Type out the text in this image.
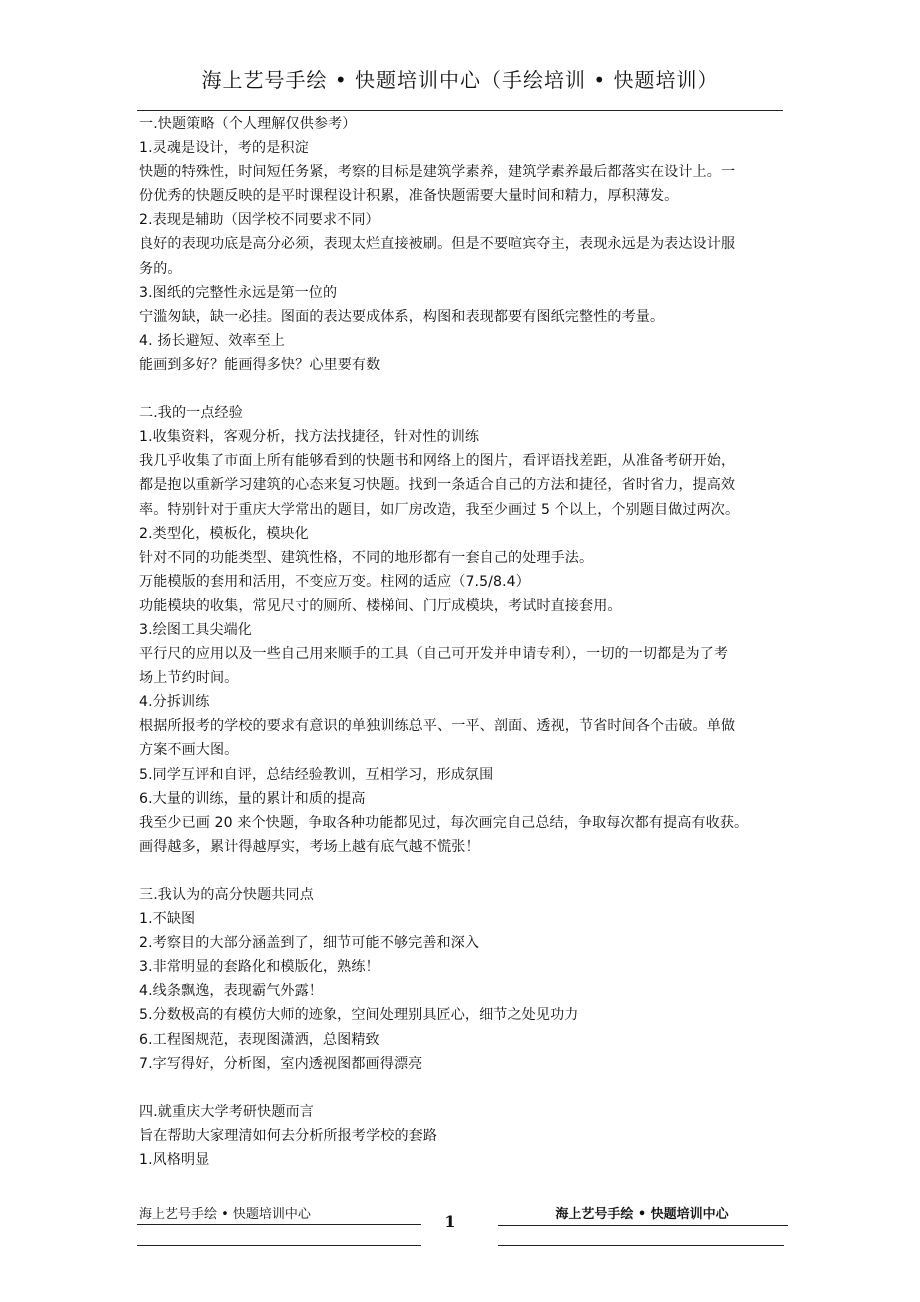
海上艺号手绘 • 快题培训中心（手绘培训 • 快题培训）
一.快题策略（个人理解仅供参考）
1.灵魂是设计，考的是积淀
快题的特殊性，时间短任务紧，考察的目标是建筑学素养，建筑学素养最后都落实在设计上。一
份优秀的快题反映的是平时课程设计积累，准备快题需要大量时间和精力，厚积薄发。
2.表现是辅助（因学校不同要求不同）
良好的表现功底是高分必须，表现太烂直接被刷。但是不要喧宾夺主，表现永远是为表达设计服
务的。
3.图纸的完整性永远是第一位的
宁滥匆缺，缺一必挂。图面的表达要成体系，构图和表现都要有图纸完整性的考量。
4. 扬长避短、效率至上
能画到多好？能画得多快？心里要有数
二.我的一点经验
1.收集资料，客观分析，找方法找捷径，针对性的训练
我几乎收集了市面上所有能够看到的快题书和网络上的图片，看评语找差距，从准备考研开始，
都是抱以重新学习建筑的心态来复习快题。找到一条适合自己的方法和捷径，省时省力，提高效
率。特别针对于重庆大学常出的题目，如厂房改造，我至少画过 5 个以上，个别题目做过两次。
2.类型化，模板化，模块化
针对不同的功能类型、建筑性格，不同的地形都有一套自己的处理手法。
万能模版的套用和活用，不变应万变。柱网的适应（7.5/8.4）
功能模块的收集，常见尺寸的厕所、楼梯间、门厅成模块，考试时直接套用。
3.绘图工具尖端化
平行尺的应用以及一些自己用来顺手的工具（自己可开发并申请专利），一切的一切都是为了考
场上节约时间。
4.分拆训练
根据所报考的学校的要求有意识的单独训练总平、一平、剖面、透视，节省时间各个击破。单做
方案不画大图。
5.同学互评和自评，总结经验教训，互相学习，形成氛围
6.大量的训练，量的累计和质的提高
我至少已画 20 来个快题，争取各种功能都见过，每次画完自己总结，争取每次都有提高有收获。
画得越多，累计得越厚实，考场上越有底气越不慌张！
三.我认为的高分快题共同点
1.不缺图
2.考察目的大部分涵盖到了，细节可能不够完善和深入
3.非常明显的套路化和模版化，熟练！
4.线条飘逸，表现霸气外露！
5.分数极高的有模仿大师的迹象，空间处理别具匠心，细节之处见功力
6.工程图规范，表现图潇洒，总图精致
7.字写得好，分析图，室内透视图都画得漂亮
四.就重庆大学考研快题而言
旨在帮助大家理清如何去分析所报考学校的套路
1.风格明显
海上艺号手绘 • 快题培训中心	1	海上艺号手绘 • 快题培训中心
